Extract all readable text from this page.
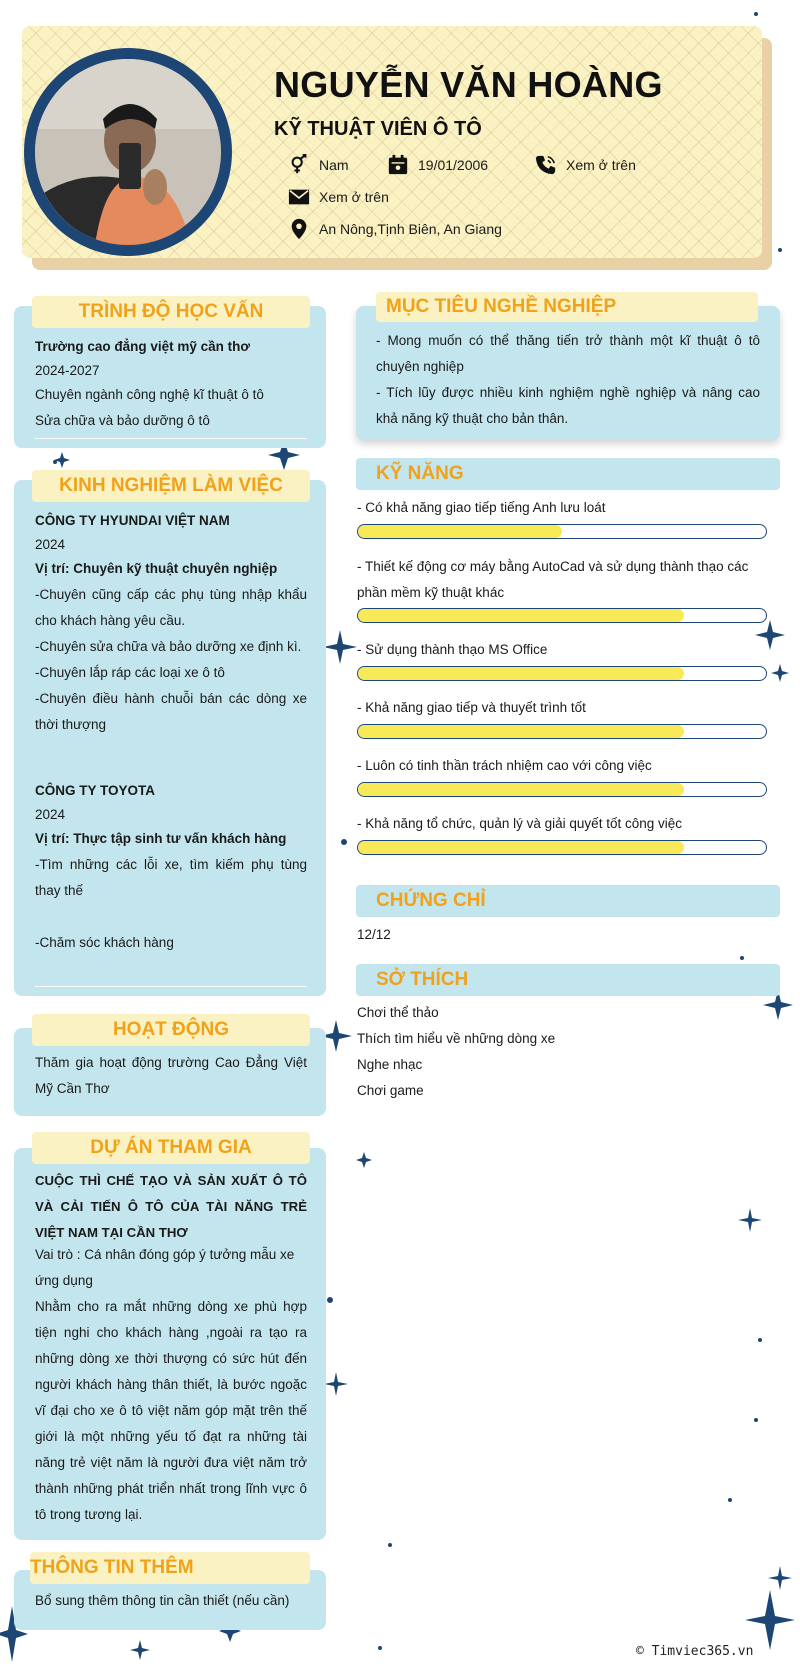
NGUYỄN VĂN HOÀNG
KỸ THUẬT VIÊN Ô TÔ
Nam	19/01/2006	Xem ở trên
Xem ở trên
An Nông,Tịnh Biên, An Giang
TRÌNH ĐỘ HỌC VẤN
Trường cao đẳng việt mỹ cần thơ
2024-2027
Chuyên ngành công nghệ kĩ thuật ô tô
Sửa chữa và bảo dưỡng ô tô
KINH NGHIỆM LÀM VIỆC
CÔNG TY HYUNDAI VIỆT NAM
2024
Vị trí: Chuyên kỹ thuật chuyên nghiệp
-Chuyên cũng cấp các phụ tùng nhập khẩu cho khách hàng yêu cầu.
-Chuyên sửa chữa và bảo dưỡng xe định kì.
-Chuyên lắp ráp các loại xe ô tô
-Chuyên điều hành chuỗi bán các dòng xe thời thượng
CÔNG TY TOYOTA
2024
Vị trí: Thực tập sinh tư vấn khách hàng
-Tìm những các lỗi xe, tìm kiếm phụ tùng thay thế
-Chăm sóc khách hàng
HOẠT ĐỘNG
Thăm gia hoạt động trường Cao Đẳng Việt Mỹ Cần Thơ
DỰ ÁN THAM GIA
CUỘC THÌ CHẾ TẠO VÀ SẢN XUẤT Ô TÔ VÀ CẢI TIẾN Ô TÔ CỦA TÀI NĂNG TRẺ VIỆT NAM TẠI CẦN THƠ
Vai trò : Cá nhân đóng góp ý tưởng mẫu xe ứng dụng
Nhằm cho ra mắt những dòng xe phù hợp tiện nghi cho khách hàng ,ngoài ra tạo ra những dòng xe thời thượng có sức hút đến người khách hàng thân thiết, là bước ngoặc vĩ đại cho xe ô tô việt năm góp mặt trên thế giới là một những yếu tố đạt ra những tài năng trẻ việt năm là người đưa việt năm trở thành những phát triển nhất trong lĩnh vực ô tô trong tương lại.
THÔNG TIN THÊM
Bổ sung thêm thông tin cần thiết (nếu cần)
MỤC TIÊU NGHỀ NGHIỆP
- Mong muốn có thể thăng tiến trở thành một kĩ thuật ô tô chuyên nghiệp
- Tích lũy được nhiều kinh nghiệm nghề nghiệp và nâng cao khả năng kỹ thuật cho bản thân.
KỸ NĂNG
- Có khả năng giao tiếp tiếng Anh lưu loát
- Thiết kế động cơ máy bằng AutoCad và sử dụng thành thạo các phần mềm kỹ thuật khác
- Sử dụng thành thạo MS Office
- Khả năng giao tiếp và thuyết trình tốt
- Luôn có tinh thần trách nhiệm cao với công việc
- Khả năng tổ chức, quản lý và giải quyết tốt công việc
CHỨNG CHỈ
12/12
SỞ THÍCH
Chơi thể thảo
Thích tìm hiểu về những dòng xe
Nghe nhạc
Chơi game
© Timviec365.vn
